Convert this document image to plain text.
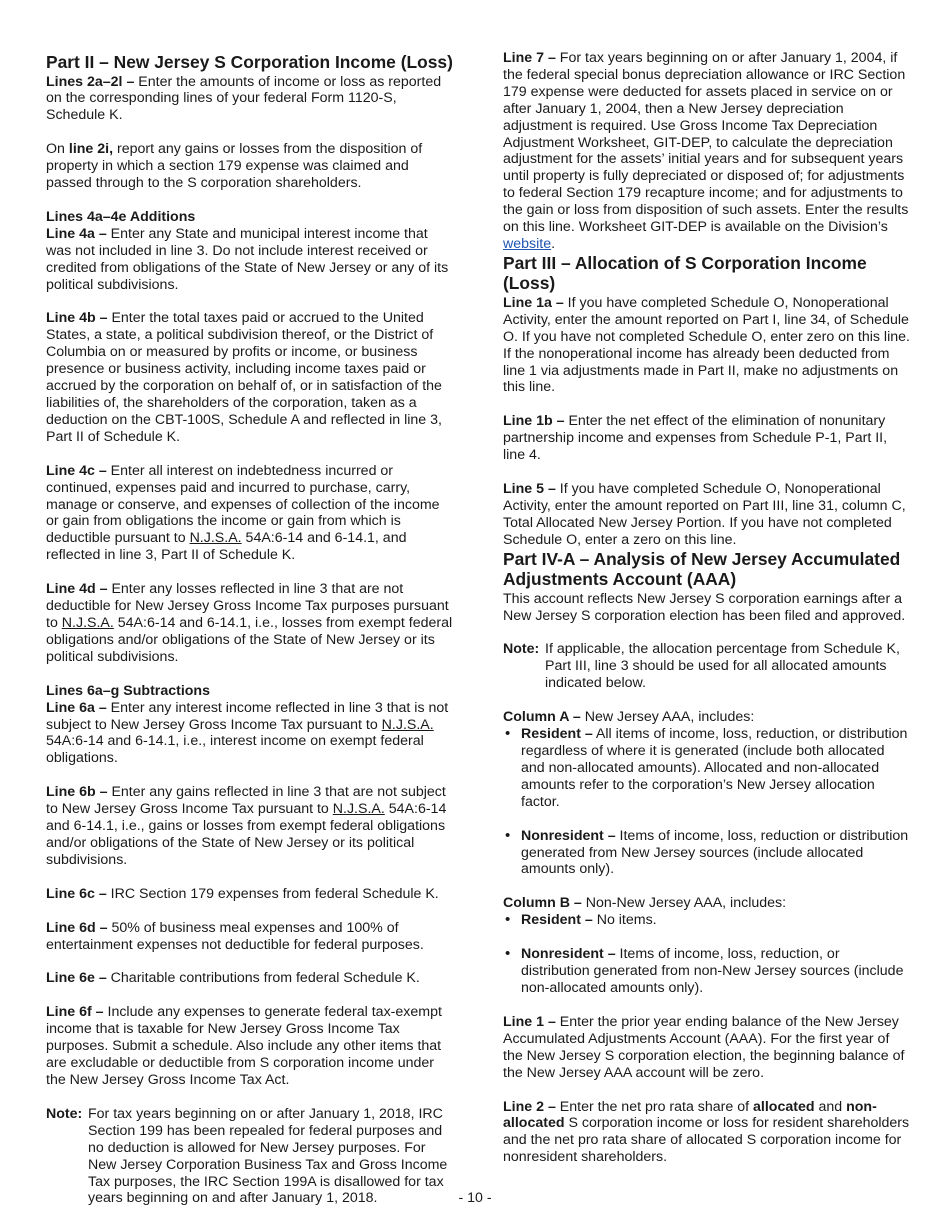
Part II – New Jersey S Corporation Income (Loss)

Lines 2a–2l – Enter the amounts of income or loss as reported on the corresponding lines of your federal Form 1120-S, Schedule K.

On line 2i, report any gains or losses from the disposition of property in which a section 179 expense was claimed and passed through to the S corporation shareholders.

Lines 4a–4e Additions

Line 4a – Enter any State and municipal interest income that was not included in line 3. Do not include interest received or credited from obligations of the State of New Jersey or any of its political subdivisions.

Line 4b – Enter the total taxes paid or accrued to the United States, a state, a political subdivision thereof, or the District of Columbia on or measured by profits or income, or business presence or business activity, including income taxes paid or accrued by the corporation on behalf of, or in satisfaction of the liabilities of, the shareholders of the corporation, taken as a deduction on the CBT-100S, Schedule A and reflected in line 3, Part II of Schedule K.

Line 4c – Enter all interest on indebtedness incurred or continued, expenses paid and incurred to purchase, carry, manage or conserve, and expenses of collection of the income or gain from obligations the income or gain from which is deductible pursuant to N.J.S.A. 54A:6-14 and 6-14.1, and reflected in line 3, Part II of Schedule K.

Line 4d – Enter any losses reflected in line 3 that are not deductible for New Jersey Gross Income Tax purposes pursuant to N.J.S.A. 54A:6-14 and 6-14.1, i.e., losses from exempt federal obligations and/or obligations of the State of New Jersey or its political subdivisions.

Lines 6a–g Subtractions

Line 6a – Enter any interest income reflected in line 3 that is not subject to New Jersey Gross Income Tax pursuant to N.J.S.A. 54A:6-14 and 6-14.1, i.e., interest income on exempt federal obligations.

Line 6b – Enter any gains reflected in line 3 that are not subject to New Jersey Gross Income Tax pursuant to N.J.S.A. 54A:6-14 and 6-14.1, i.e., gains or losses from exempt federal obligations and/or obligations of the State of New Jersey or its political subdivisions.

Line 6c – IRC Section 179 expenses from federal Schedule K.

Line 6d – 50% of business meal expenses and 100% of entertainment expenses not deductible for federal purposes.

Line 6e – Charitable contributions from federal Schedule K.

Line 6f – Include any expenses to generate federal tax-exempt income that is taxable for New Jersey Gross Income Tax purposes. Submit a schedule. Also include any other items that are excludable or deductible from S corporation income under the New Jersey Gross Income Tax Act.

Note: For tax years beginning on or after January 1, 2018, IRC Section 199 has been repealed for federal purposes and no deduction is allowed for New Jersey purposes. For New Jersey Corporation Business Tax and Gross Income Tax purposes, the IRC Section 199A is disallowed for tax years beginning on and after January 1, 2018.

Line 7 – For tax years beginning on or after January 1, 2004, if the federal special bonus depreciation allowance or IRC Section 179 expense were deducted for assets placed in service on or after January 1, 2004, then a New Jersey depreciation adjustment is required. Use Gross Income Tax Depreciation Adjustment Worksheet, GIT-DEP, to calculate the depreciation adjustment for the assets’ initial years and for subsequent years until property is fully depreciated or disposed of; for adjustments to federal Section 179 recapture income; and for adjustments to the gain or loss from disposition of such assets. Enter the results on this line. Worksheet GIT-DEP is available on the Division’s website.

Part III – Allocation of S Corporation Income (Loss)

Line 1a – If you have completed Schedule O, Nonoperational Activity, enter the amount reported on Part I, line 34, of Schedule O. If you have not completed Schedule O, enter zero on this line. If the nonoperational income has already been deducted from line 1 via adjustments made in Part II, make no adjustments on this line.

Line 1b – Enter the net effect of the elimination of nonunitary partnership income and expenses from Schedule P-1, Part II, line 4.

Line 5 – If you have completed Schedule O, Nonoperational Activity, enter the amount reported on Part III, line 31, column C, Total Allocated New Jersey Portion. If you have not completed Schedule O, enter a zero on this line.

Part IV-A – Analysis of New Jersey Accumulated Adjustments Account (AAA)

This account reflects New Jersey S corporation earnings after a New Jersey S corporation election has been filed and approved.

Note: If applicable, the allocation percentage from Schedule K, Part III, line 3 should be used for all allocated amounts indicated below.

Column A – New Jersey AAA, includes:

• Resident – All items of income, loss, reduction, or distribution regardless of where it is generated (include both allocated and non-allocated amounts). Allocated and non-allocated amounts refer to the corporation’s New Jersey allocation factor.
• Nonresident – Items of income, loss, reduction or distribution generated from New Jersey sources (include allocated amounts only).

Column B – Non-New Jersey AAA, includes:

• Resident – No items.
• Nonresident – Items of income, loss, reduction, or distribution generated from non-New Jersey sources (include non-allocated amounts only).

Line 1 – Enter the prior year ending balance of the New Jersey Accumulated Adjustments Account (AAA). For the first year of the New Jersey S corporation election, the beginning balance of the New Jersey AAA account will be zero.

Line 2 – Enter the net pro rata share of allocated and non-allocated S corporation income or loss for resident shareholders and the net pro rata share of allocated S corporation income for nonresident shareholders.

- 10 -
